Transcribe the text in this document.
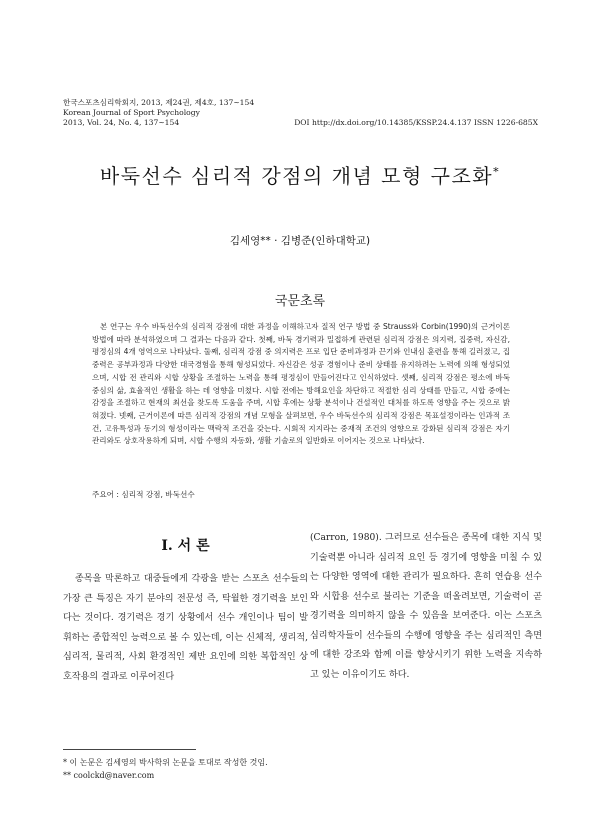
한국스포츠심리학회지, 2013, 제24권, 제4호, 137~154
Korean Journal of Sport Psychology
2013, Vol. 24, No. 4, 137~154	DOI http://dx.doi.org/10.14385/KSSP.24.4.137 ISSN 1226-685X
바둑선수 심리적 강점의 개념 모형 구조화*
김세영** · 김병준(인하대학교)
국문초록

본 연구는 우수 바둑선수의 심리적 강점에 대한 과정을 이해하고자 질적 연구 방법 중 Strauss와 Corbin(1990)의 근거이론 방법에 따라 분석하였으며 그 결과는 다음과 같다. 첫째, 바둑 경기력과 밀접하게 관련된 심리적 강점은 의지력, 집중력, 자신감, 평정심의 4개 영역으로 나타났다. 둘째, 심리적 강점 중 의지력은 프로 입단 준비과정과 끈기와 인내심 훈련을 통해 길러졌고, 집중력은 공부과정과 다양한 대국경험을 통해 형성되었다. 자신감은 성공 경험이나 준비 상태를 유지하려는 노력에 의해 형성되었으며, 시합 전 관리와 시합 상황을 조절하는 노력을 통해 평정심이 만들어진다고 인식하였다. 셋째, 심리적 강점은 평소에 바둑 중심의 삶, 효율적인 생활을 하는 데 영향을 미쳤다. 시합 전에는 방해요인을 차단하고 적절한 심리 상태를 만들고, 시합 중에는 감정을 조절하고 현재의 최선을 찾도록 도움을 주며, 시합 후에는 상황 분석이나 건설적인 대처를 하도록 영향을 주는 것으로 밝혀졌다. 넷째, 근거이론에 따른 심리적 강점의 개념 모형을 살펴보면, 우수 바둑선수의 심리적 강점은 목표설정이라는 인과적 조건, 고유특성과 동기의 형성이라는 맥락적 조건을 갖는다. 시회적 지지라는 중재적 조건의 영향으로 강화된 심리적 강점은 자기관리와도 상호작용하게 되며, 시합 수행의 자동화, 생활 기술로의 일반화로 이어지는 것으로 나타났다.

주요어 : 심리적 강점, 바둑선수
I. 서 론

종목을 막론하고 대중들에게 각광을 받는 스포츠 선수들의 가장 큰 특징은 자기 분야의 전문성 즉, 탁월한 경기력을 보인다는 것이다. 경기력은 경기 상황에서 선수 개인이나 팀이 발휘하는 종합적인 능력으로 볼 수 있는데, 이는 신체적, 생리적, 심리적, 물리적, 사회 환경적인 제반 요인에 의한 복합적인 상호작용의 결과로 이루어진다

(Carron, 1980). 그러므로 선수들은 종목에 대한 지식 및 기술력뿐 아니라 심리적 요인 등 경기에 영향을 미칠 수 있는 다양한 영역에 대한 관리가 필요하다. 흔히 연습용 선수와 시합용 선수로 불리는 기준을 떠올려보면, 기술력이 곧 경기력을 의미하지 않을 수 있음을 보여준다. 이는 스포츠 심리학자들이 선수들의 수행에 영향을 주는 심리적인 측면에 대한 강조와 함께 이를 향상시키기 위한 노력을 지속하고 있는 이유이기도 하다.

* 이 논문은 김세영의 박사학위 논문을 토대로 작성한 것임.
** coolckd@naver.com
